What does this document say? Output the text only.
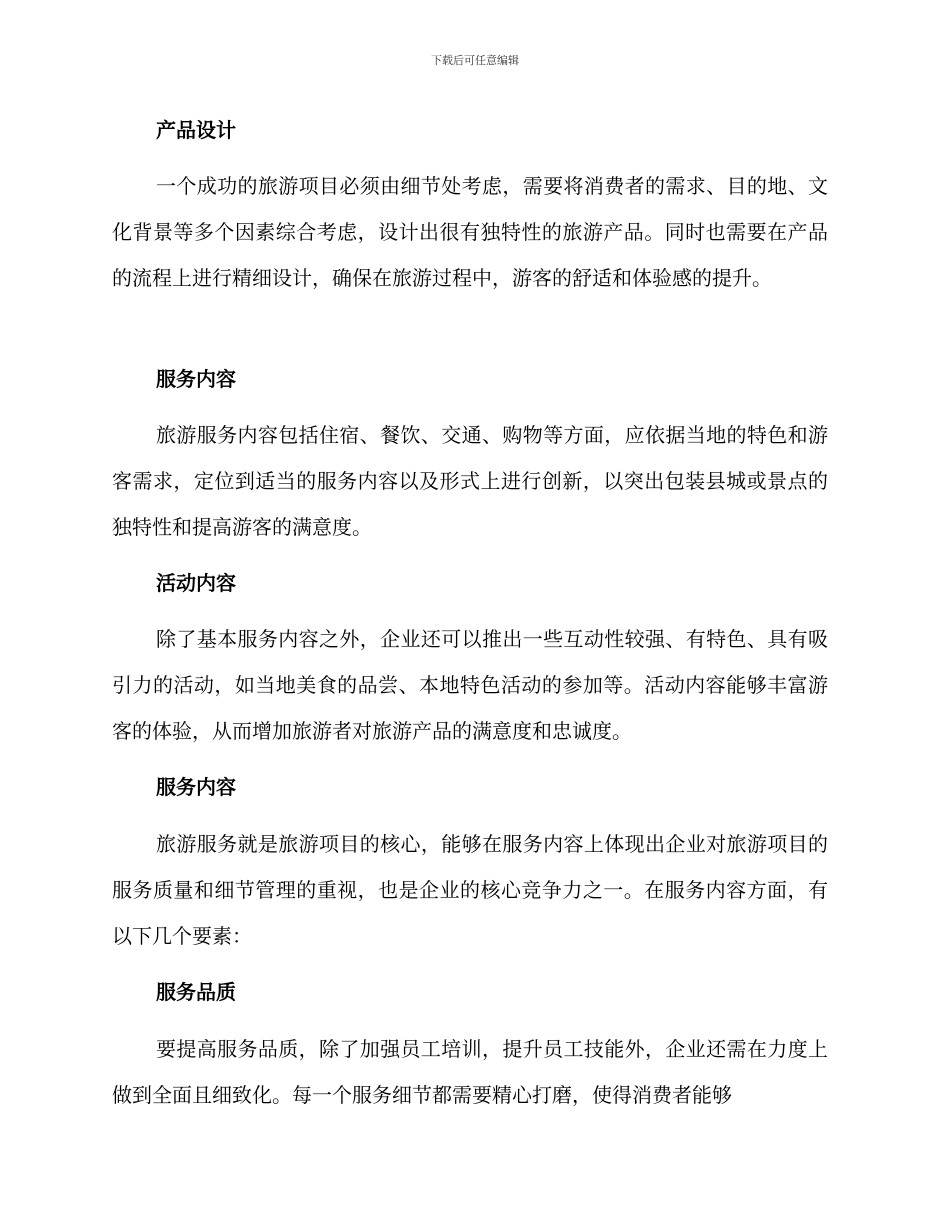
下载后可任意编辑
产品设计
一个成功的旅游项目必须由细节处考虑，需要将消费者的需求、目的地、文化背景等多个因素综合考虑，设计出很有独特性的旅游产品。同时也需要在产品的流程上进行精细设计，确保在旅游过程中，游客的舒适和体验感的提升。
服务内容
旅游服务内容包括住宿、餐饮、交通、购物等方面，应依据当地的特色和游客需求，定位到适当的服务内容以及形式上进行创新，以突出包装县城或景点的独特性和提高游客的满意度。
活动内容
除了基本服务内容之外，企业还可以推出一些互动性较强、有特色、具有吸引力的活动，如当地美食的品尝、本地特色活动的参加等。活动内容能够丰富游客的体验，从而增加旅游者对旅游产品的满意度和忠诚度。
服务内容
旅游服务就是旅游项目的核心，能够在服务内容上体现出企业对旅游项目的服务质量和细节管理的重视，也是企业的核心竞争力之一。在服务内容方面，有以下几个要素：
服务品质
要提高服务品质，除了加强员工培训，提升员工技能外，企业还需在力度上做到全面且细致化。每一个服务细节都需要精心打磨，使得消费者能够
